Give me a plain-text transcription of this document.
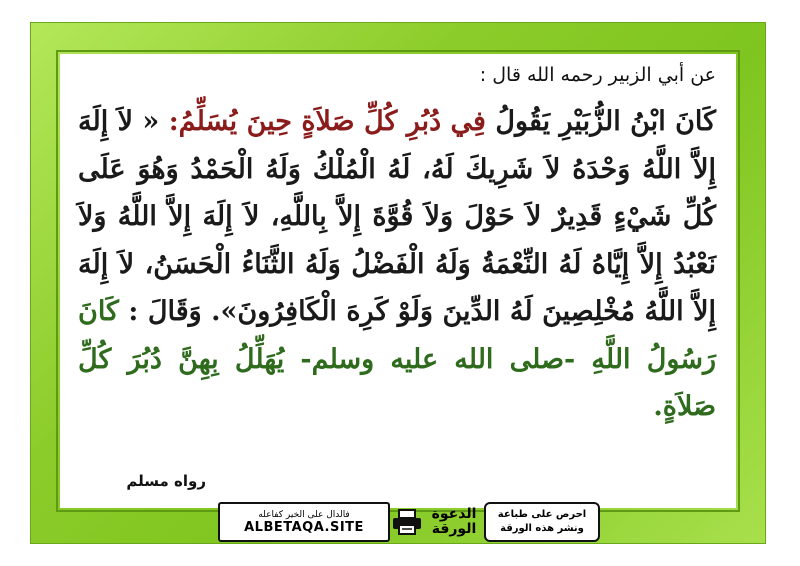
عن أبي الزبير رحمه الله قال :
كَانَ ابْنُ الزُّبَيْرِ يَقُولُ فِي دُبُرِ كُلِّ صَلاَةٍ حِينَ يُسَلِّمُ: « لاَ إِلَهَ إِلاَّ اللَّهُ وَحْدَهُ لاَ شَرِيكَ لَهُ، لَهُ الْمُلْكُ وَلَهُ الْحَمْدُ وَهُوَ عَلَى كُلِّ شَيْءٍ قَدِيرٌ لاَ حَوْلَ وَلاَ قُوَّةَ إِلاَّ بِاللَّهِ، لاَ إِلَهَ إِلاَّ اللَّهُ وَلاَ نَعْبُدُ إِلاَّ إِيَّاهُ لَهُ النِّعْمَةُ وَلَهُ الْفَضْلُ وَلَهُ الثَّنَاءُ الْحَسَنُ، لاَ إِلَهَ إِلاَّ اللَّهُ مُخْلِصِينَ لَهُ الدِّينَ وَلَوْ كَرِهَ الْكَافِرُونَ». وَقَالَ : كَانَ رَسُولُ اللَّهِ -صلى الله عليه وسلم- يُهَلِّلُ بِهِنَّ دُبُرَ كُلِّ صَلاَةٍ.
رواه مسلم
احرص على طباعة
ونشر هذه الورقة
الدعوة
الورقة
فالدال على الخير كفاعله
ALBETAQA.SITE
